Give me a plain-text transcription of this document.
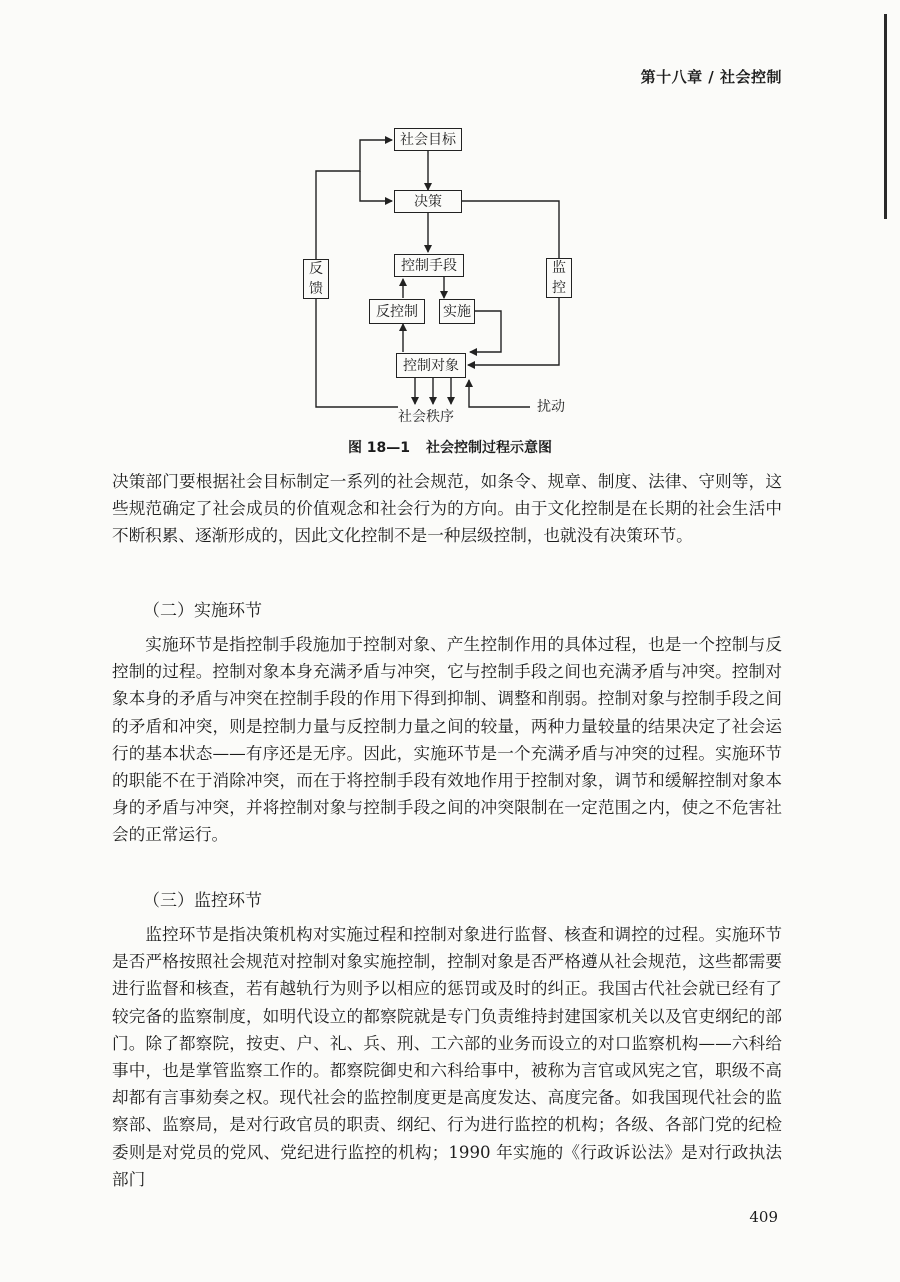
第十八章 / 社会控制
社会目标
决策
控制手段
反控制	实施
控制对象
反
馈
监
控
社会秩序
扰动
图 18—1 社会控制过程示意图

决策部门要根据社会目标制定一系列的社会规范，如条令、规章、制度、法律、守则等，这些规范确定了社会成员的价值观念和社会行为的方向。由于文化控制是在长期的社会生活中不断积累、逐渐形成的，因此文化控制不是一种层级控制，也就没有决策环节。

（二）实施环节

实施环节是指控制手段施加于控制对象、产生控制作用的具体过程，也是一个控制与反控制的过程。控制对象本身充满矛盾与冲突，它与控制手段之间也充满矛盾与冲突。控制对象本身的矛盾与冲突在控制手段的作用下得到抑制、调整和削弱。控制对象与控制手段之间的矛盾和冲突，则是控制力量与反控制力量之间的较量，两种力量较量的结果决定了社会运行的基本状态——有序还是无序。因此，实施环节是一个充满矛盾与冲突的过程。实施环节的职能不在于消除冲突，而在于将控制手段有效地作用于控制对象，调节和缓解控制对象本身的矛盾与冲突，并将控制对象与控制手段之间的冲突限制在一定范围之内，使之不危害社会的正常运行。

（三）监控环节

监控环节是指决策机构对实施过程和控制对象进行监督、核查和调控的过程。实施环节是否严格按照社会规范对控制对象实施控制，控制对象是否严格遵从社会规范，这些都需要进行监督和核查，若有越轨行为则予以相应的惩罚或及时的纠正。我国古代社会就已经有了较完备的监察制度，如明代设立的都察院就是专门负责维持封建国家机关以及官吏纲纪的部门。除了都察院，按吏、户、礼、兵、刑、工六部的业务而设立的对口监察机构——六科给事中，也是掌管监察工作的。都察院御史和六科给事中，被称为言官或风宪之官，职级不高却都有言事劾奏之权。现代社会的监控制度更是高度发达、高度完备。如我国现代社会的监察部、监察局，是对行政官员的职责、纲纪、行为进行监控的机构；各级、各部门党的纪检委则是对党员的党风、党纪进行监控的机构；1990 年实施的《行政诉讼法》是对行政执法部门

409
